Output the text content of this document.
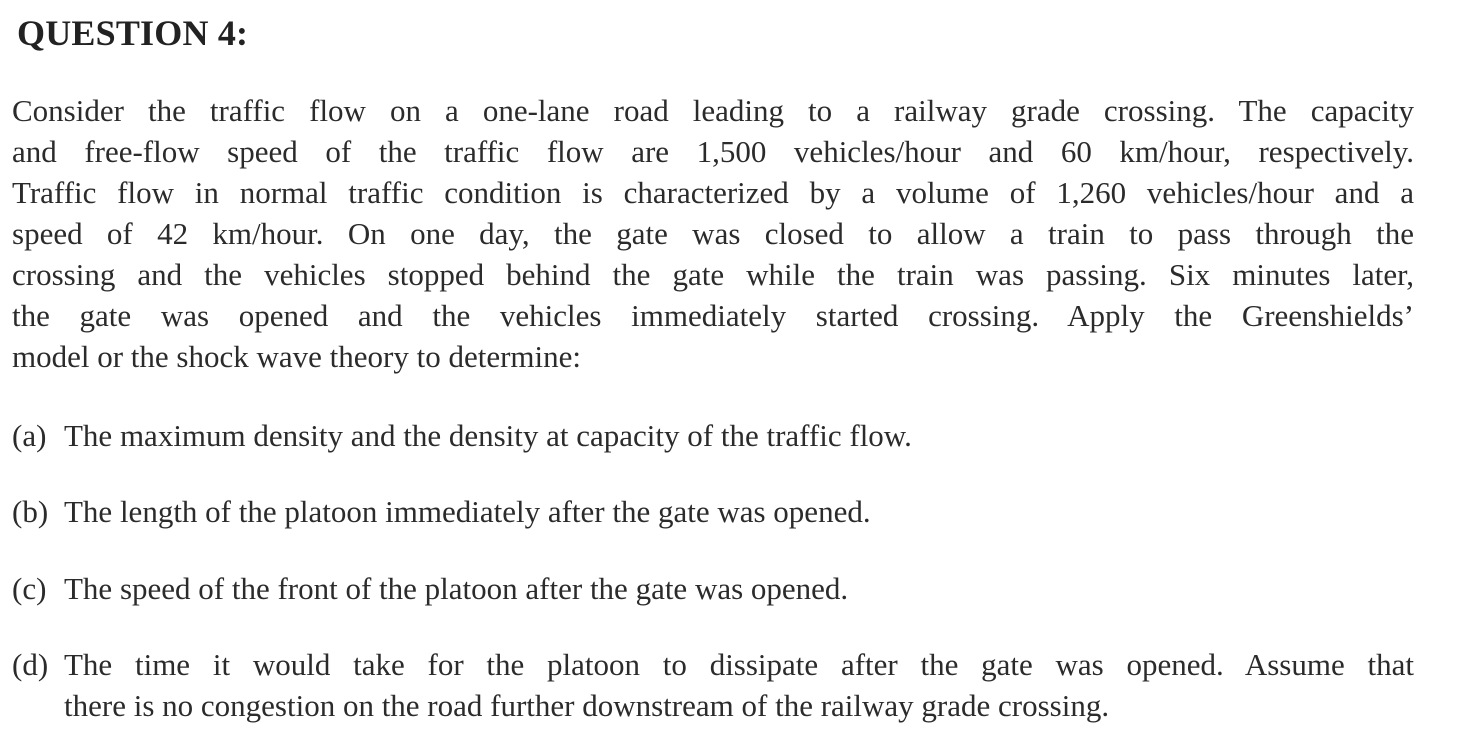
QUESTION 4:
Consider the traffic flow on a one-lane road leading to a railway grade crossing. The capacity
and free-flow speed of the traffic flow are 1,500 vehicles/hour and 60 km/hour, respectively.
Traffic flow in normal traffic condition is characterized by a volume of 1,260 vehicles/hour and a
speed of 42 km/hour. On one day, the gate was closed to allow a train to pass through the
crossing and the vehicles stopped behind the gate while the train was passing. Six minutes later,
the gate was opened and the vehicles immediately started crossing. Apply the Greenshields’
model or the shock wave theory to determine:
(a) The maximum density and the density at capacity of the traffic flow.
(b) The length of the platoon immediately after the gate was opened.
(c) The speed of the front of the platoon after the gate was opened.
(d) The time it would take for the platoon to dissipate after the gate was opened. Assume that
there is no congestion on the road further downstream of the railway grade crossing.
